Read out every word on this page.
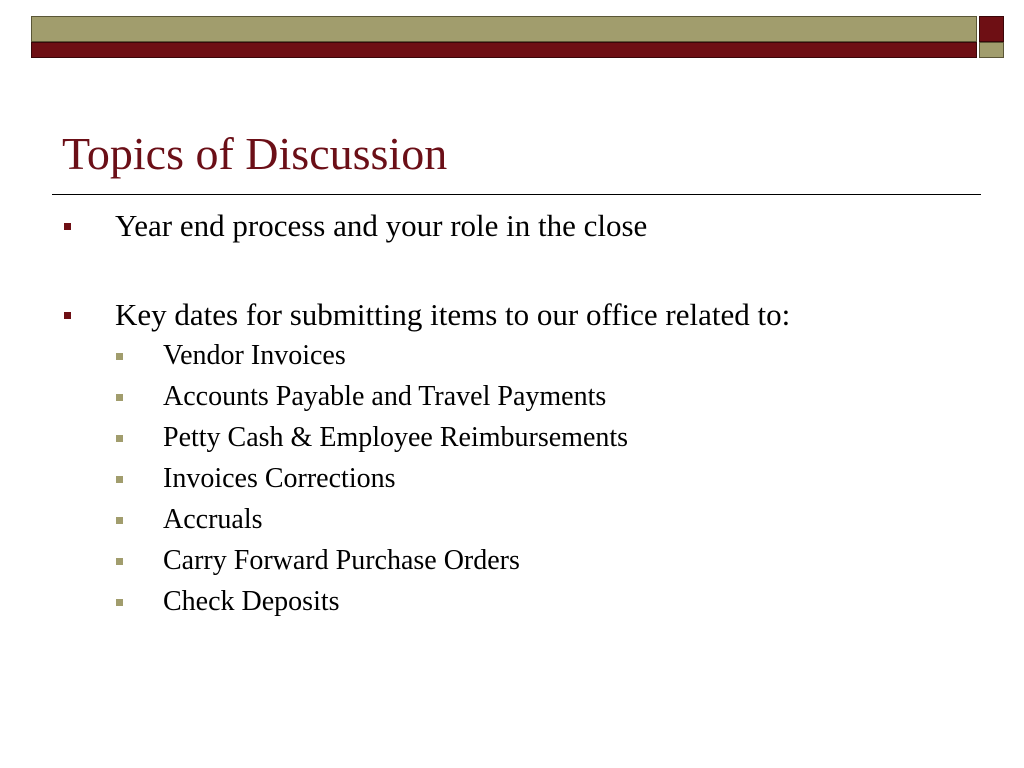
Topics of Discussion
Year end process and your role in the close
Key dates for submitting items to our office related to:
Vendor Invoices
Accounts Payable and Travel Payments
Petty Cash & Employee Reimbursements
Invoices Corrections
Accruals
Carry Forward Purchase Orders
Check Deposits
